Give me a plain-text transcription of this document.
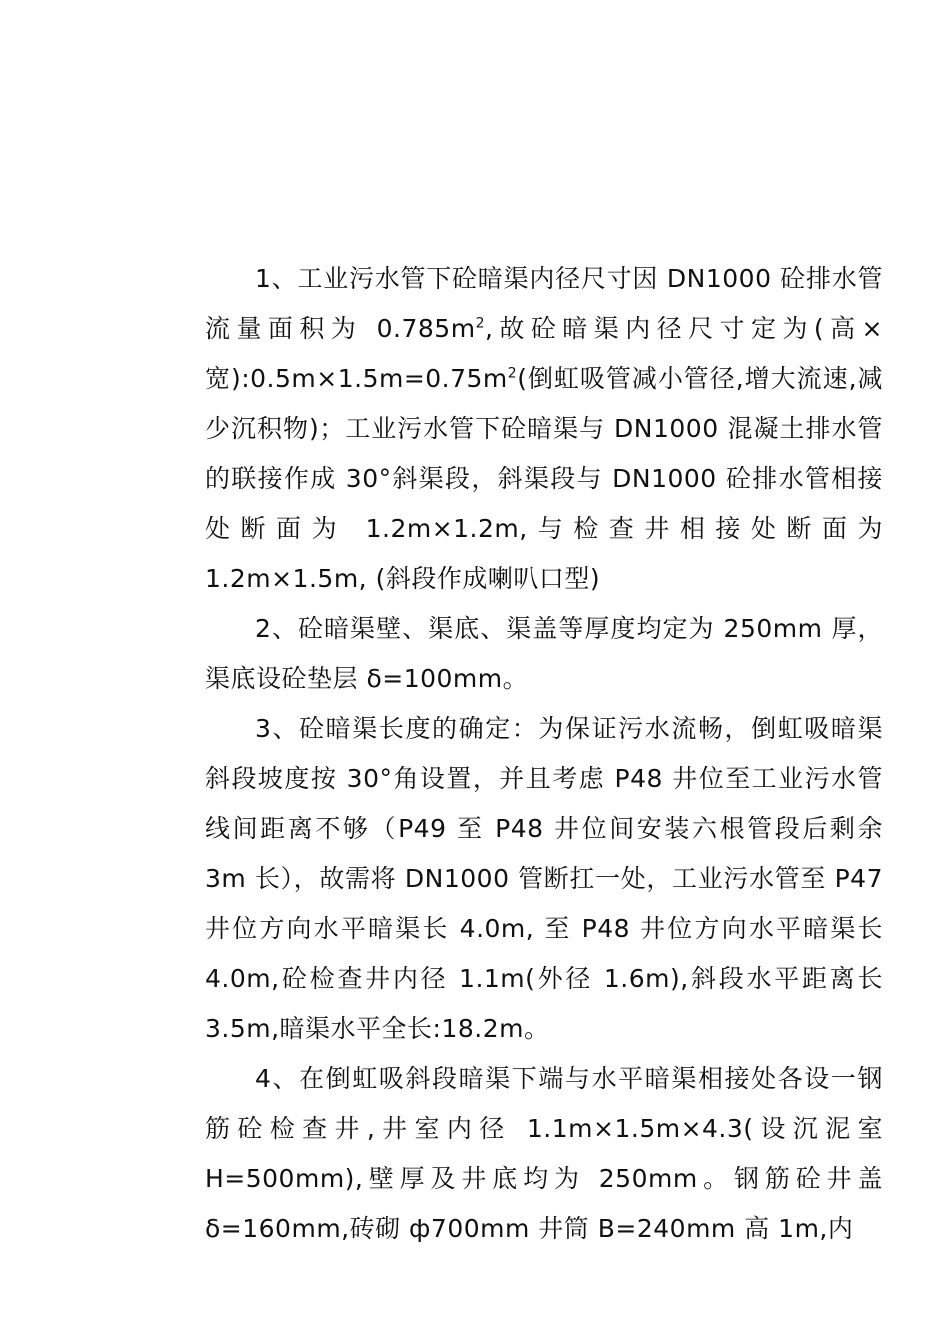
1、工业污水管下砼暗渠内径尺寸因 DN1000 砼排水管流量面积为 $0.785m^2$,故砼暗渠内径尺寸定为(高×宽)$:0.5m\times 1.5m=0.75m^2$(倒虹吸管减小管径,增大流速,减少沉积物)；工业污水管下砼暗渠与 DN1000 混凝土排水管的联接作成 30°斜渠段，斜渠段与 DN1000 砼排水管相接处断面为 1.2m×1.2m,与检查井相接处断面为 1.2m×1.5m, (斜段作成喇叭口型)

2、砼暗渠壁、渠底、渠盖等厚度均定为 250mm 厚，渠底设砼垫层 δ=100mm。

3、砼暗渠长度的确定：为保证污水流畅，倒虹吸暗渠斜段坡度按 30°角设置，并且考虑 P48 井位至工业污水管线间距离不够（P49 至 P48 井位间安装六根管段后剩余 3m 长），故需将 DN1000 管断扛一处，工业污水管至 P47 井位方向水平暗渠长 4.0m, 至 P48 井位方向水平暗渠长 4.0m,砼检查井内径 1.1m(外径 1.6m),斜段水平距离长 3.5m,暗渠水平全长:18.2m。

4、在倒虹吸斜段暗渠下端与水平暗渠相接处各设一钢筋砼检查井,井室内径 1.1m×1.5m×4.3(设沉泥室 H=500mm),壁厚及井底均为 250mm。钢筋砼井盖 δ=160mm,砖砌 ф700mm 井筒 B=240mm 高 1m,内
